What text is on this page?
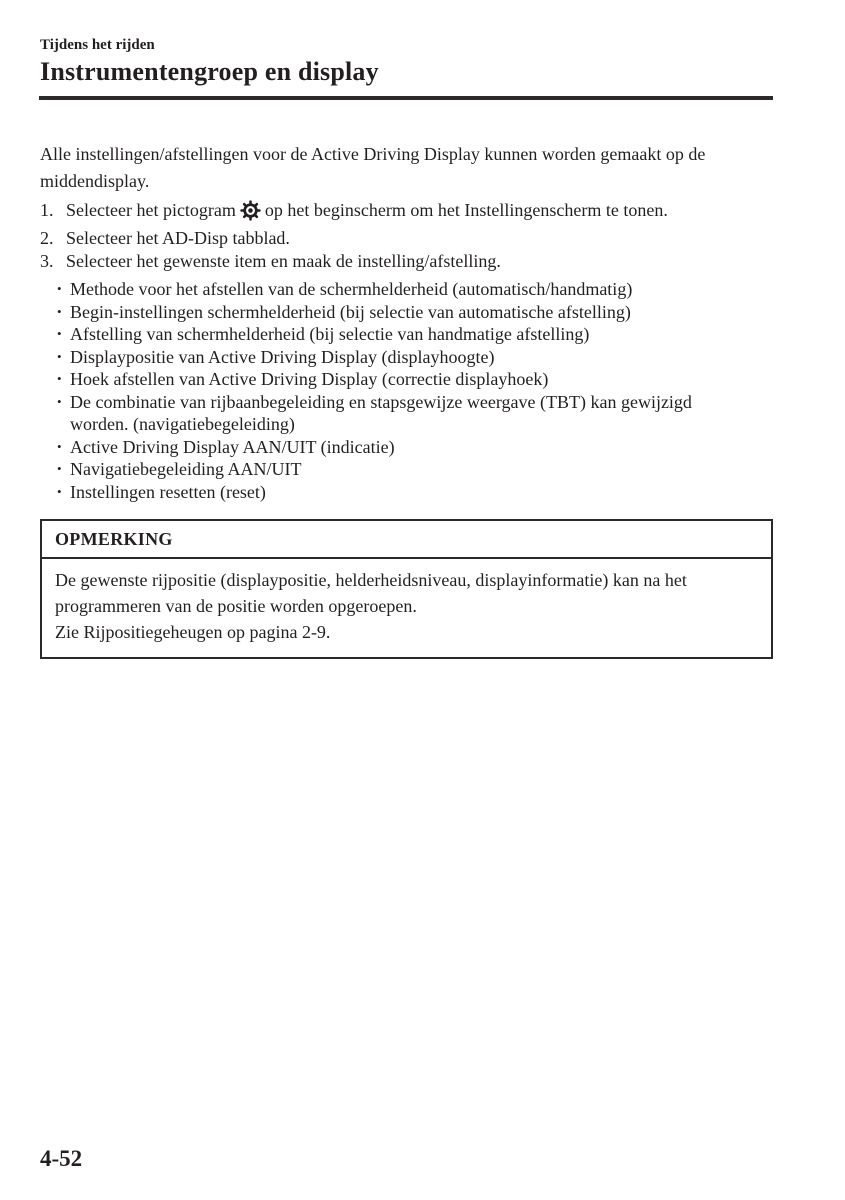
Tijdens het rijden
Instrumentengroep en display
Alle instellingen/afstellingen voor de Active Driving Display kunnen worden gemaakt op de
middendisplay.
1. Selecteer het pictogram op het beginscherm om het Instellingenscherm te tonen.
2. Selecteer het AD-Disp tabblad.
3. Selecteer het gewenste item en maak de instelling/afstelling.
• Methode voor het afstellen van de schermhelderheid (automatisch/handmatig)
• Begin-instellingen schermhelderheid (bij selectie van automatische afstelling)
• Afstelling van schermhelderheid (bij selectie van handmatige afstelling)
• Displaypositie van Active Driving Display (displayhoogte)
• Hoek afstellen van Active Driving Display (correctie displayhoek)
• De combinatie van rijbaanbegeleiding en stapsgewijze weergave (TBT) kan gewijzigd
worden. (navigatiebegeleiding)
• Active Driving Display AAN/UIT (indicatie)
• Navigatiebegeleiding AAN/UIT
• Instellingen resetten (reset)
OPMERKING
De gewenste rijpositie (displaypositie, helderheidsniveau, displayinformatie) kan na het
programmeren van de positie worden opgeroepen.
Zie Rijpositiegeheugen op pagina 2-9.
4-52
